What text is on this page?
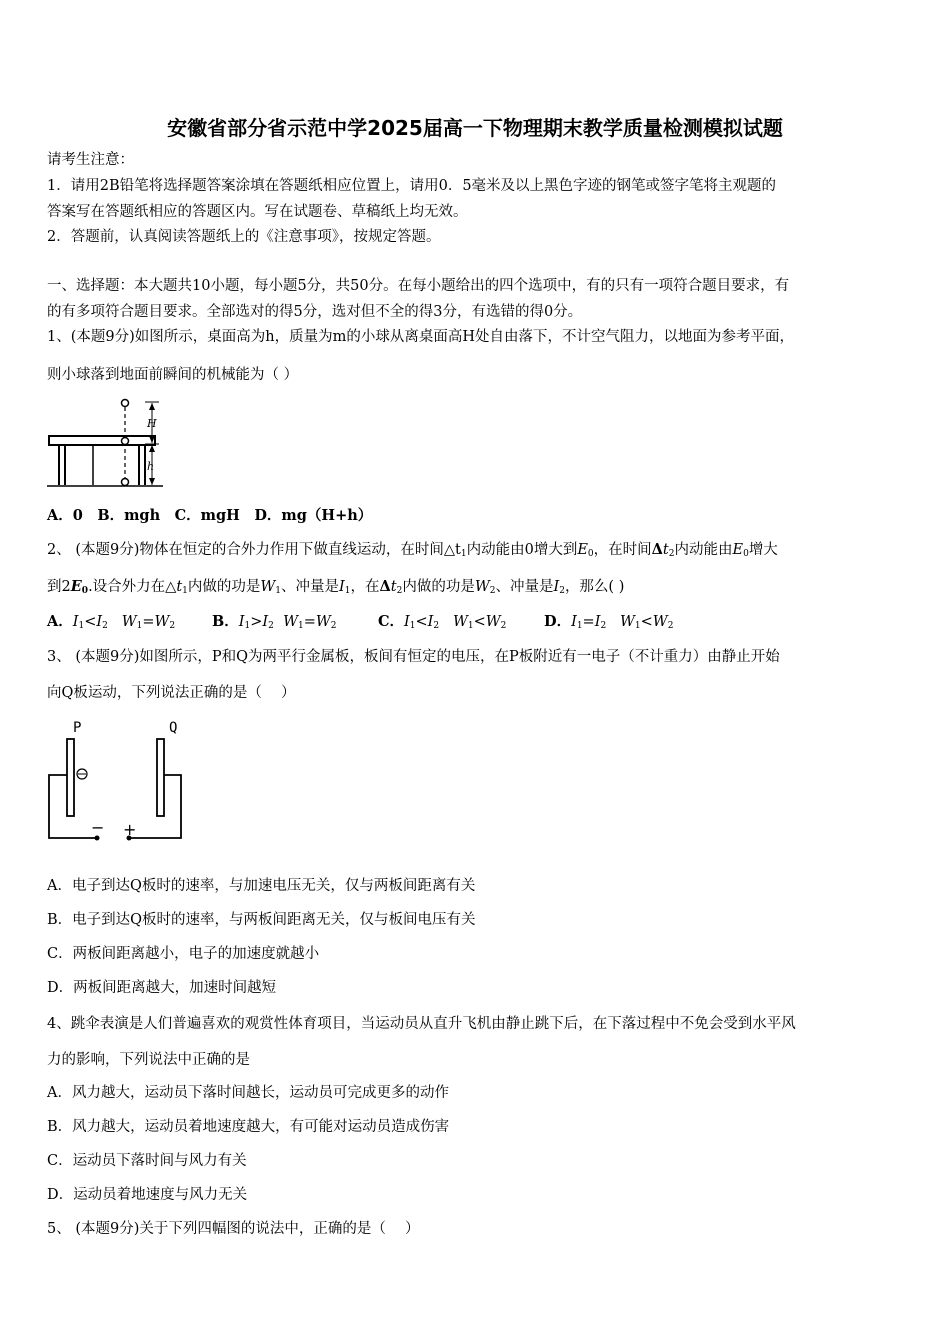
安徽省部分省示范中学2025届高一下物理期末教学质量检测模拟试题
请考生注意：
1．请用2B铅笔将选择题答案涂填在答题纸相应位置上，请用0．5毫米及以上黑色字迹的钢笔或签字笔将主观题的
答案写在答题纸相应的答题区内。写在试题卷、草稿纸上均无效。
2．答题前，认真阅读答题纸上的《注意事项》，按规定答题。
一、选择题：本大题共10小题，每小题5分，共50分。在每小题给出的四个选项中，有的只有一项符合题目要求，有
的有多项符合题目要求。全部选对的得5分，选对但不全的得3分，有选错的得0分。
1、(本题9分)如图所示，桌面高为h，质量为m的小球从离桌面高H处自由落下，不计空气阻力，以地面为参考平面，
则小球落到地面前瞬间的机械能为（ ）
H
h
A．0　B．mgh　C．mgH　D．mg（H+h）
2、 (本题9分)物体在恒定的合外力作用下做直线运动，在时间$\triangle t_1$内动能由0增大到$E_0$，在时间$\Delta t_2$内动能由$E_0$增大
到$2E_0$.设合外力在$\triangle t_1$内做的功是$W_1$、冲量是$I_1$，在$\Delta t_2$内做的功是$W_2$、冲量是$I_2$，那么( )
A．$I_1<I_2$ $W_1=W_2$	B．$I_1>I_2$ $W_1=W_2$	C．$I_1<I_2$ $W_1<W_2$	D．$I_1=I_2$ $W_1<W_2$
3、 (本题9分)如图所示，P和Q为两平行金属板，板间有恒定的电压，在P板附近有一电子（不计重力）由静止开始
向Q板运动，下列说法正确的是（　 ）
P	Q
− +
A．电子到达Q板时的速率，与加速电压无关，仅与两板间距离有关
B．电子到达Q板时的速率，与两板间距离无关，仅与板间电压有关
C．两板间距离越小，电子的加速度就越小
D．两板间距离越大，加速时间越短
4、跳伞表演是人们普遍喜欢的观赏性体育项目，当运动员从直升飞机由静止跳下后，在下落过程中不免会受到水平风
力的影响，下列说法中正确的是
A．风力越大，运动员下落时间越长，运动员可完成更多的动作
B．风力越大，运动员着地速度越大，有可能对运动员造成伤害
C．运动员下落时间与风力有关
D．运动员着地速度与风力无关
5、 (本题9分)关于下列四幅图的说法中，正确的是（　 ）
